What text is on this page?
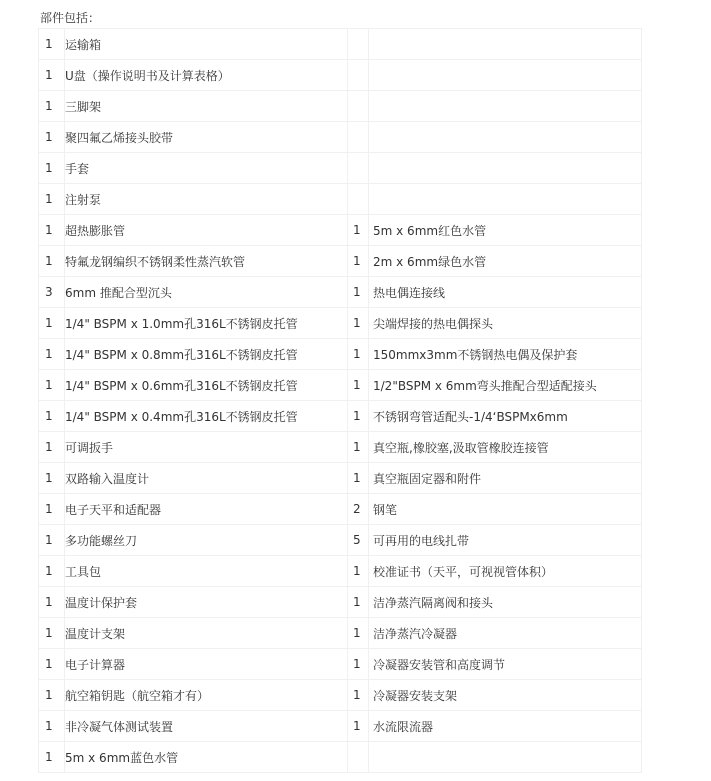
部件包括：
1	运输箱		
1	U盘（操作说明书及计算表格）		
1	三脚架		
1	聚四氟乙烯接头胶带		
1	手套		
1	注射泵		
1	超热膨胀管	1	5m x 6mm红色水管
1	特氟龙钢编织不锈钢柔性蒸汽软管	1	2m x 6mm绿色水管
3	6mm 推配合型沉头	1	热电偶连接线
1	1/4" BSPM x 1.0mm孔316L不锈钢皮托管	1	尖端焊接的热电偶探头
1	1/4" BSPM x 0.8mm孔316L不锈钢皮托管	1	150mmx3mm不锈钢热电偶及保护套
1	1/4" BSPM x 0.6mm孔316L不锈钢皮托管	1	1/2"BSPM x 6mm弯头推配合型适配接头
1	1/4" BSPM x 0.4mm孔316L不锈钢皮托管	1	不锈钢弯管适配头-1/4‘BSPMx6mm
1	可调扳手	1	真空瓶,橡胶塞,汲取管橡胶连接管
1	双路输入温度计	1	真空瓶固定器和附件
1	电子天平和适配器	2	钢笔
1	多功能螺丝刀	5	可再用的电线扎带
1	工具包	1	校准证书（天平，可视视管体积）
1	温度计保护套	1	洁净蒸汽隔离阀和接头
1	温度计支架	1	洁净蒸汽冷凝器
1	电子计算器	1	冷凝器安装管和高度调节
1	航空箱钥匙（航空箱才有）	1	冷凝器安装支架
1	非冷凝气体测试装置	1	水流限流器
1	5m x 6mm蓝色水管		
